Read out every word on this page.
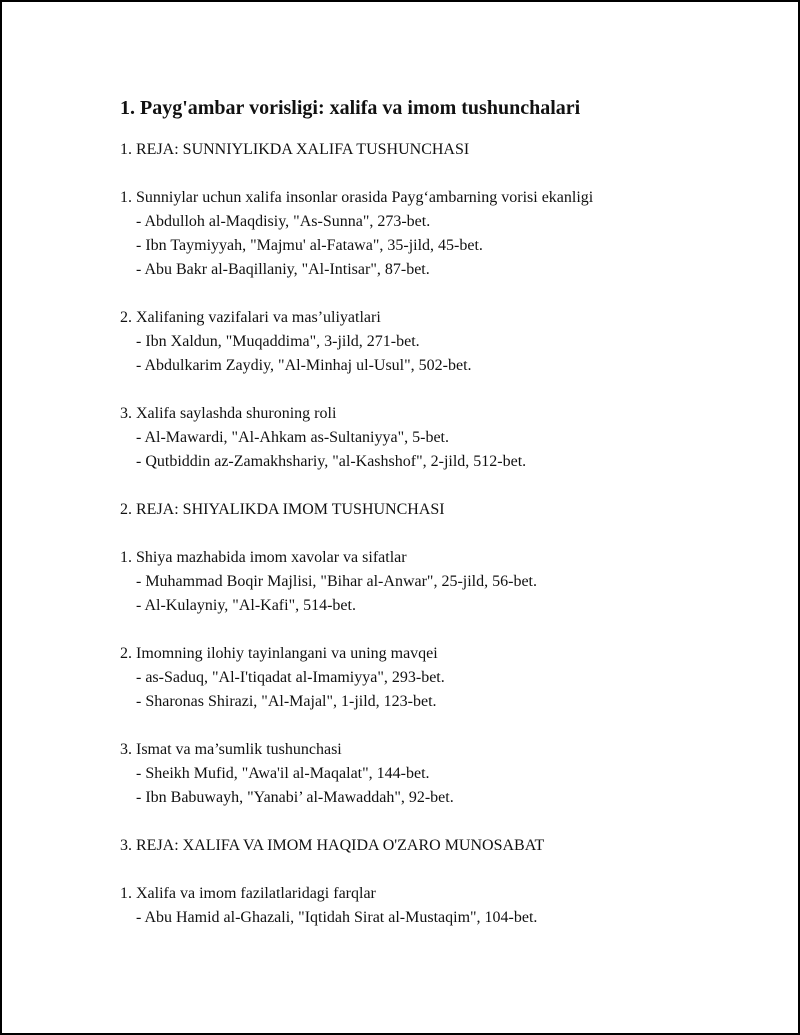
1. Payg'ambar vorisligi: xalifa va imom tushunchalari
1. REJA: SUNNIYLIKDA XALIFA TUSHUNCHASI
1. Sunniylar uchun xalifa insonlar orasida Payg‘ambarning vorisi ekanligi
- Abdulloh al-Maqdisiy, "As-Sunna", 273-bet.
- Ibn Taymiyyah, "Majmu' al-Fatawa", 35-jild, 45-bet.
- Abu Bakr al-Baqillaniy, "Al-Intisar", 87-bet.
2. Xalifaning vazifalari va mas’uliyatlari
- Ibn Xaldun, "Muqaddima", 3-jild, 271-bet.
- Abdulkarim Zaydiy, "Al-Minhaj ul-Usul", 502-bet.
3. Xalifa saylashda shuroning roli
- Al-Mawardi, "Al-Ahkam as-Sultaniyya", 5-bet.
- Qutbiddin az-Zamakhshariy, "al-Kashshof", 2-jild, 512-bet.
2. REJA: SHIYALIKDA IMOM TUSHUNCHASI
1. Shiya mazhabida imom xavolar va sifatlar
- Muhammad Boqir Majlisi, "Bihar al-Anwar", 25-jild, 56-bet.
- Al-Kulayniy, "Al-Kafi", 514-bet.
2. Imomning ilohiy tayinlangani va uning mavqei
- as-Saduq, "Al-I'tiqadat al-Imamiyya", 293-bet.
- Sharonas Shirazi, "Al-Majal", 1-jild, 123-bet.
3. Ismat va ma’sumlik tushunchasi
- Sheikh Mufid, "Awa'il al-Maqalat", 144-bet.
- Ibn Babuwayh, "Yanabi’ al-Mawaddah", 92-bet.
3. REJA: XALIFA VA IMOM HAQIDA O'ZARO MUNOSABAT
1. Xalifa va imom fazilatlaridagi farqlar
- Abu Hamid al-Ghazali, "Iqtidah Sirat al-Mustaqim", 104-bet.
